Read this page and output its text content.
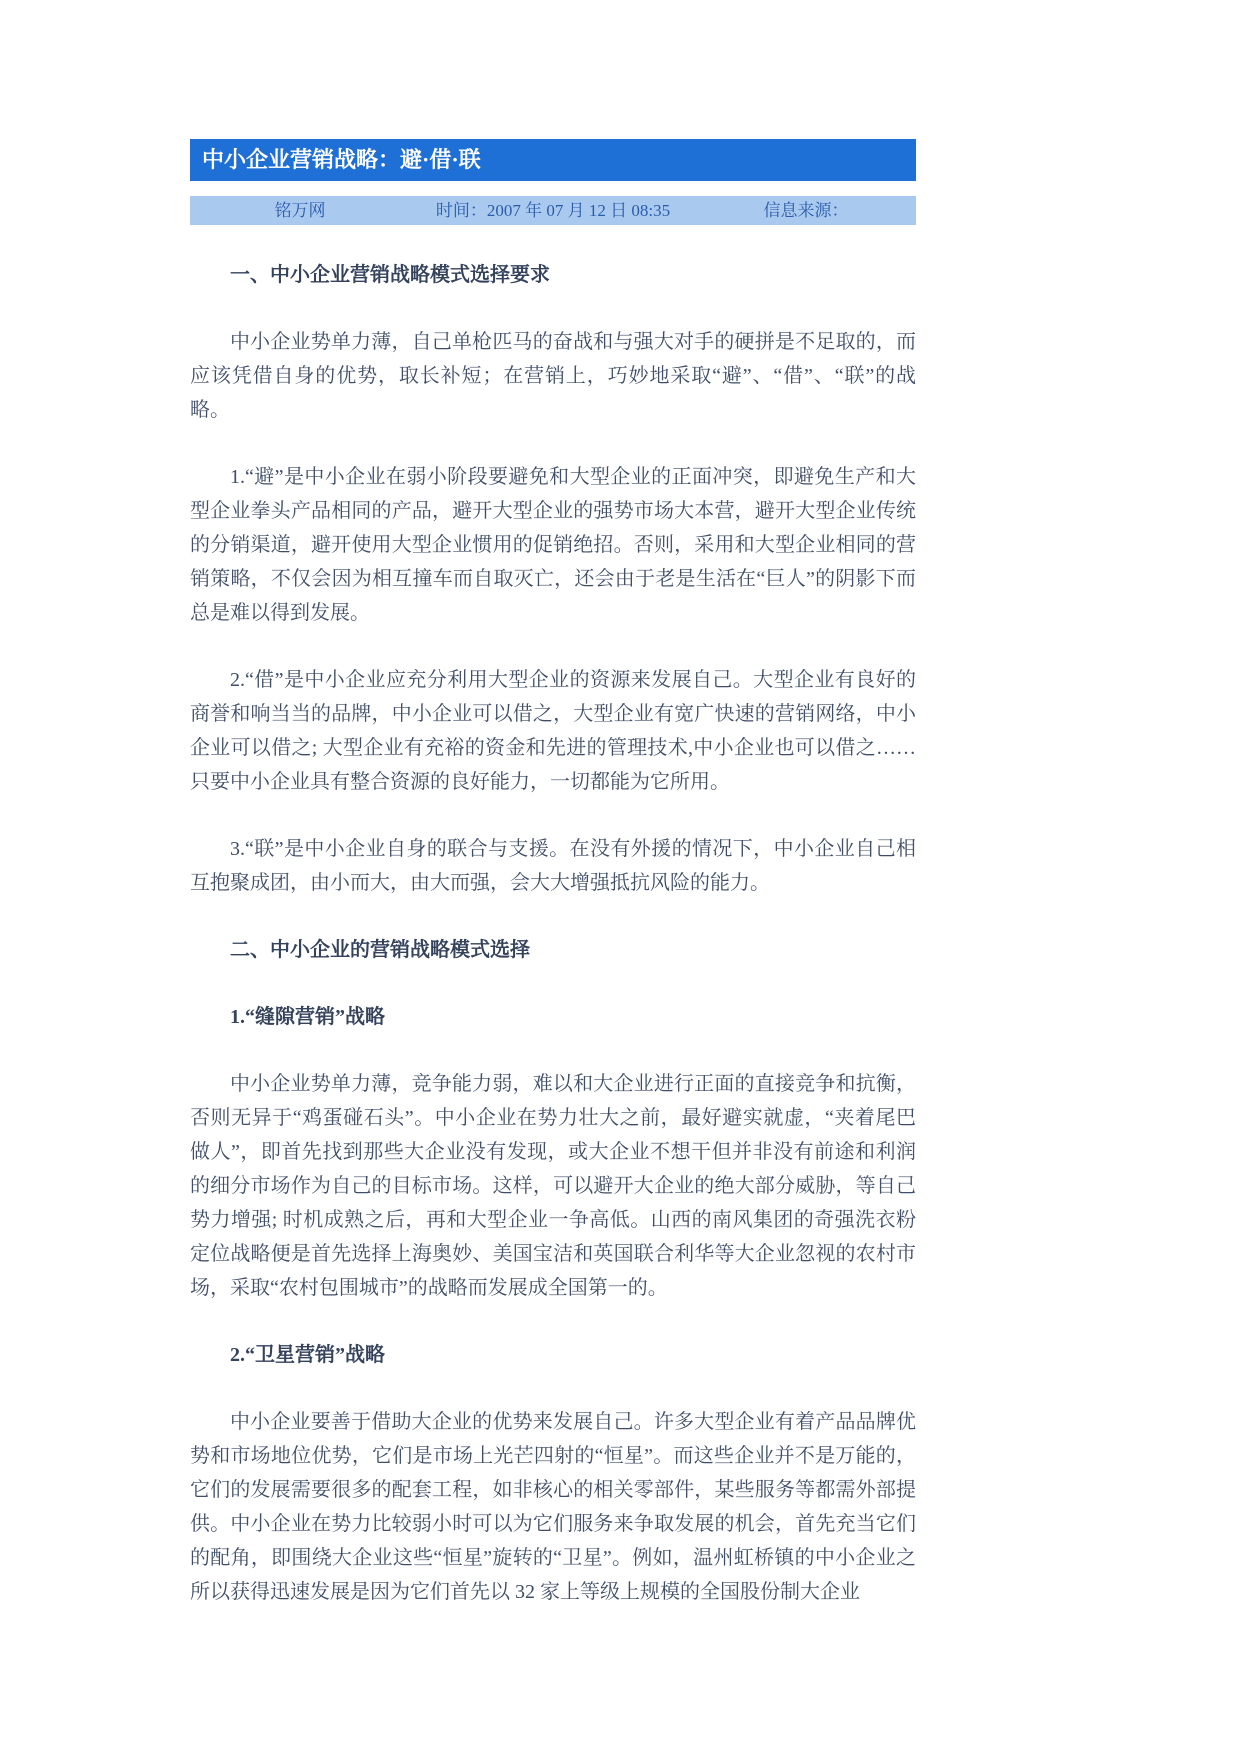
中小企业营销战略：避·借·联
铭万网	时间：2007 年 07 月 12 日 08:35	信息来源：
一、中小企业营销战略模式选择要求
中小企业势单力薄，自己单枪匹马的奋战和与强大对手的硬拼是不足取的，而应该凭借自身的优势，取长补短；在营销上，巧妙地采取“避”、“借”、“联”的战略。
1.“避”是中小企业在弱小阶段要避免和大型企业的正面冲突，即避免生产和大型企业拳头产品相同的产品，避开大型企业的强势市场大本营，避开大型企业传统的分销渠道，避开使用大型企业惯用的促销绝招。否则，采用和大型企业相同的营销策略，不仅会因为相互撞车而自取灭亡，还会由于老是生活在“巨人”的阴影下而总是难以得到发展。
2.“借”是中小企业应充分利用大型企业的资源来发展自己。大型企业有良好的商誉和响当当的品牌，中小企业可以借之，大型企业有宽广快速的营销网络，中小企业可以借之; 大型企业有充裕的资金和先进的管理技术,中小企业也可以借之……只要中小企业具有整合资源的良好能力，一切都能为它所用。
3.“联”是中小企业自身的联合与支援。在没有外援的情况下，中小企业自己相互抱聚成团，由小而大，由大而强，会大大增强抵抗风险的能力。
二、中小企业的营销战略模式选择
1.“缝隙营销”战略
中小企业势单力薄，竞争能力弱，难以和大企业进行正面的直接竞争和抗衡，否则无异于“鸡蛋碰石头”。中小企业在势力壮大之前，最好避实就虚，“夹着尾巴做人”，即首先找到那些大企业没有发现，或大企业不想干但并非没有前途和利润的细分市场作为自己的目标市场。这样，可以避开大企业的绝大部分威胁，等自己势力增强; 时机成熟之后，再和大型企业一争高低。山西的南风集团的奇强洗衣粉定位战略便是首先选择上海奥妙、美国宝洁和英国联合利华等大企业忽视的农村市场，采取“农村包围城市”的战略而发展成全国第一的。
2.“卫星营销”战略
中小企业要善于借助大企业的优势来发展自己。许多大型企业有着产品品牌优势和市场地位优势，它们是市场上光芒四射的“恒星”。而这些企业并不是万能的，它们的发展需要很多的配套工程，如非核心的相关零部件，某些服务等都需外部提供。中小企业在势力比较弱小时可以为它们服务来争取发展的机会，首先充当它们的配角，即围绕大企业这些“恒星”旋转的“卫星”。例如，温州虹桥镇的中小企业之所以获得迅速发展是因为它们首先以 32 家上等级上规模的全国股份制大企业
